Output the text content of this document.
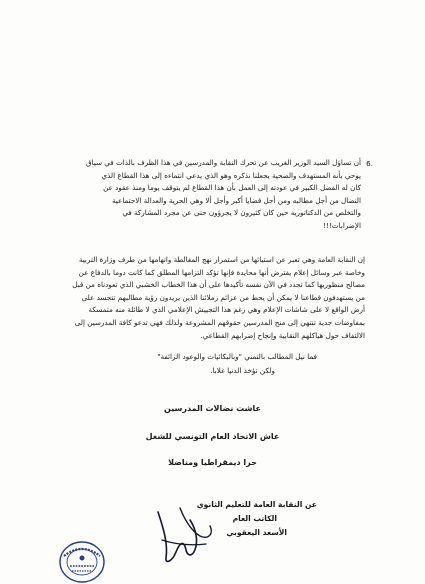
6.
أن تساؤل السيد الوزير الغريب عن تحرك النقابة والمدرسين في هذا الظرف بالذات في سياق
يوحي بأنه المستهدف والضحية يجعلنا نذكره وهو الذي يدعي انتماءه إلى هذا القطاع الذي
كان له الفضل الكبير في عودته إلى العمل بأن هذا القطاع لم يتوقف يوما ومنذ عقود عن
النضال من أجل مطالبه ومن أجل قضايا أكبر وأجل ألا وهي الحرية والعدالة الاجتماعية
والتخلص من الدكتاتورية حين كان كثيرون لا يجرؤون حتى عن مجرد المشاركة في
الإضرابات!!!
إن النقابة العامة وهي تعبر عن استيائها من استمرار نهج المغالطة واتهامها من طرف وزارة التربية
وخاصة عبر وسائل إعلام يفترض أنها محايدة فإنها تؤكد التزامها المطلق كما كانت دوما بالدفاع عن
مصالح منظوريها كما تجدد في الآن نفسه تأكيدها على أن هذا الخطاب الخشبي الذي تعودناه من قبل
من يستهدفون قطاعنا لا يمكن أن يحط من عزائم زملائنا الذين يريدون رؤية مطالبهم تتجسد على
أرض الواقع لا على شاشات الإعلام وهي رغم هذا التجييش الإعلامي الذي لا طائلة منه متمسكة
بمفاوضات جدية تنتهي إلى منح المدرسين حقوقهم المشروعة ولذلك فهي تدعو كافة المدرسين إلى
الالتفاف حول هياكلهم النقابية وإنجاح إضرابهم القطاعي.
فما نيل المطالب بالتمني "وبالبكائيات والوعود الزائفة"
ولكن تؤخذ الدنيا غلابا.
عاشت نضالات المدرسين
عاش الاتحاد العام التونسي للشغل
حرا ديمقراطيا ومناضلا
عن النقابة العامة للتعليم الثانوي
الكاتب العام
الأسعد اليعقوبي
